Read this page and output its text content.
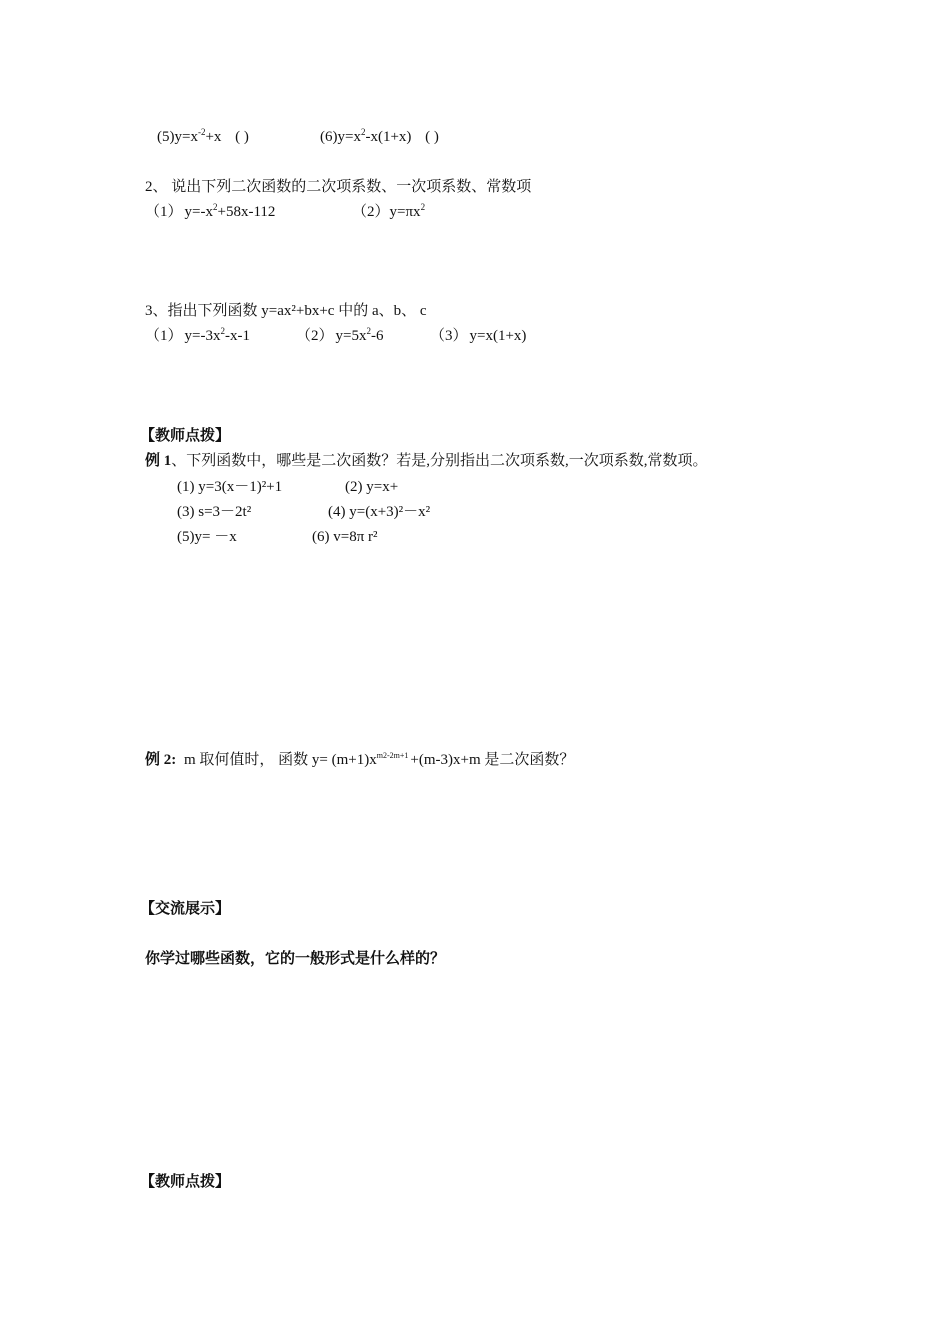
$(5)y=x^{-2}+x$ ( )	$(6)y=x^2-x(1+x)$ ( )
2、 说出下列二次函数的二次项系数、一次项系数、常数项
（1） $y=-x^2+58x-112$	$(2)y=\pi x^2$
3、指出下列函数 y=ax²+bx+c 中的 a、b、 c
（1） $y=-3x^2-x-1$	（2） $y=5x^2-6$	（3） y=x(1+x)
【教师点拨】
例 1、下列函数中，哪些是二次函数？若是,分别指出二次项系数,一次项系数,常数项。
(1) y=3(x－1)²+1	(2) y=x+
(3) s=3－2t²	(4) y=(x+3)²－x²
(5)y= －x	(6) v=8π r²
例 2: m 取何值时， 函数 $y= (m+1)x^{m2-2m+1} +(m-3)x+m$ 是二次函数？
【交流展示】
你学过哪些函数，它的一般形式是什么样的？
【教师点拨】
